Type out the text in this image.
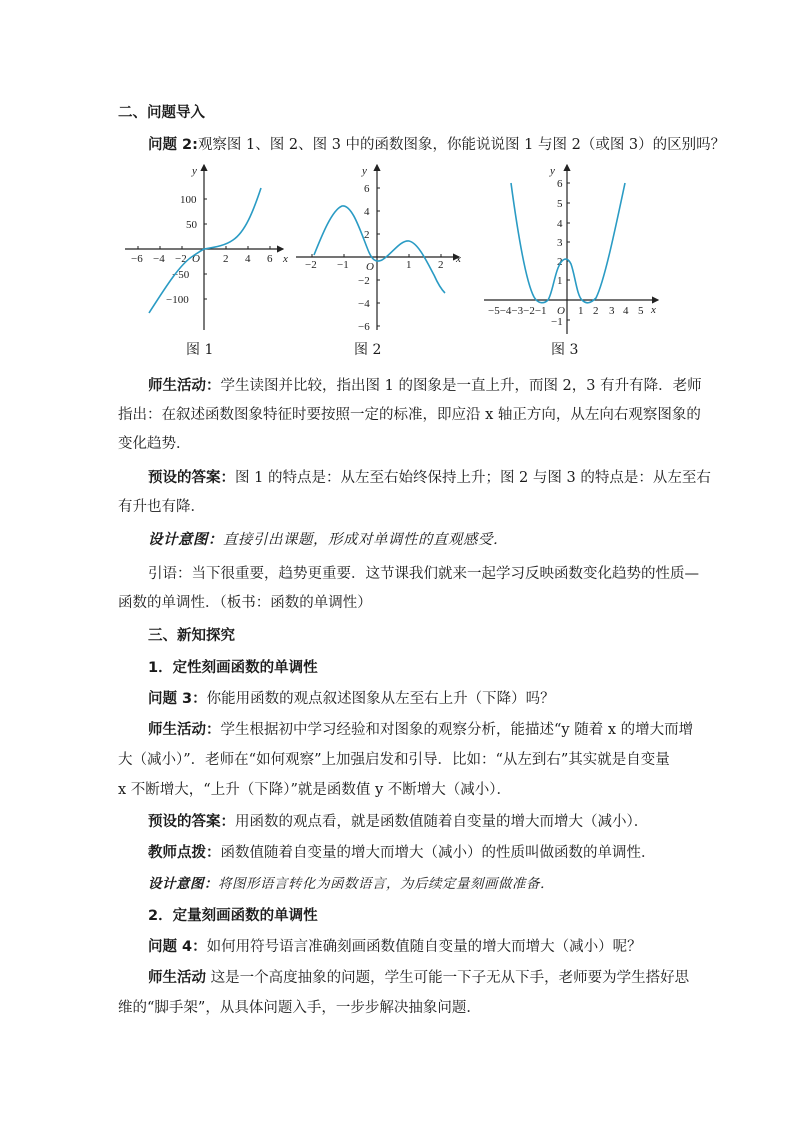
二、问题导入
问题 2:观察图 1、图 2、图 3 中的函数图象，你能说说图 1 与图 2（或图 3）的区别吗？
y
x
O
−6 −4 −2	2 4 6
100
50
−50
−100
图 1
y
x
O
−2 −1	1 2
6
4
2
−2
−4
−6
图 2
y
x
O
−5−4−3−2−1	1 2 3 4 5
6
5
4
3
2
1
−1
图 3
师生活动：学生读图并比较，指出图 1 的图象是一直上升，而图 2，3 有升有降．老师
指出：在叙述函数图象特征时要按照一定的标准，即应沿 x 轴正方向，从左向右观察图象的
变化趋势．
预设的答案：图 1 的特点是：从左至右始终保持上升；图 2 与图 3 的特点是：从左至右
有升也有降．
设计意图：直接引出课题，形成对单调性的直观感受．
引语：当下很重要，趋势更重要．这节课我们就来一起学习反映函数变化趋势的性质—
函数的单调性．（板书：函数的单调性）
三、新知探究
1．定性刻画函数的单调性
问题 3：你能用函数的观点叙述图象从左至右上升（下降）吗？
师生活动：学生根据初中学习经验和对图象的观察分析，能描述“y 随着 x 的增大而增
大（减小）”．老师在“如何观察”上加强启发和引导．比如：“从左到右”其实就是自变量
x 不断增大，“上升（下降）”就是函数值 y 不断增大（减小）．
预设的答案：用函数的观点看，就是函数值随着自变量的增大而增大（减小）．
教师点拨：函数值随着自变量的增大而增大（减小）的性质叫做函数的单调性．
设计意图：将图形语言转化为函数语言，为后续定量刻画做准备．
2．定量刻画函数的单调性
问题 4：如何用符号语言准确刻画函数值随自变量的增大而增大（减小）呢？
师生活动 这是一个高度抽象的问题，学生可能一下子无从下手，老师要为学生搭好思
维的“脚手架”，从具体问题入手，一步步解决抽象问题．
